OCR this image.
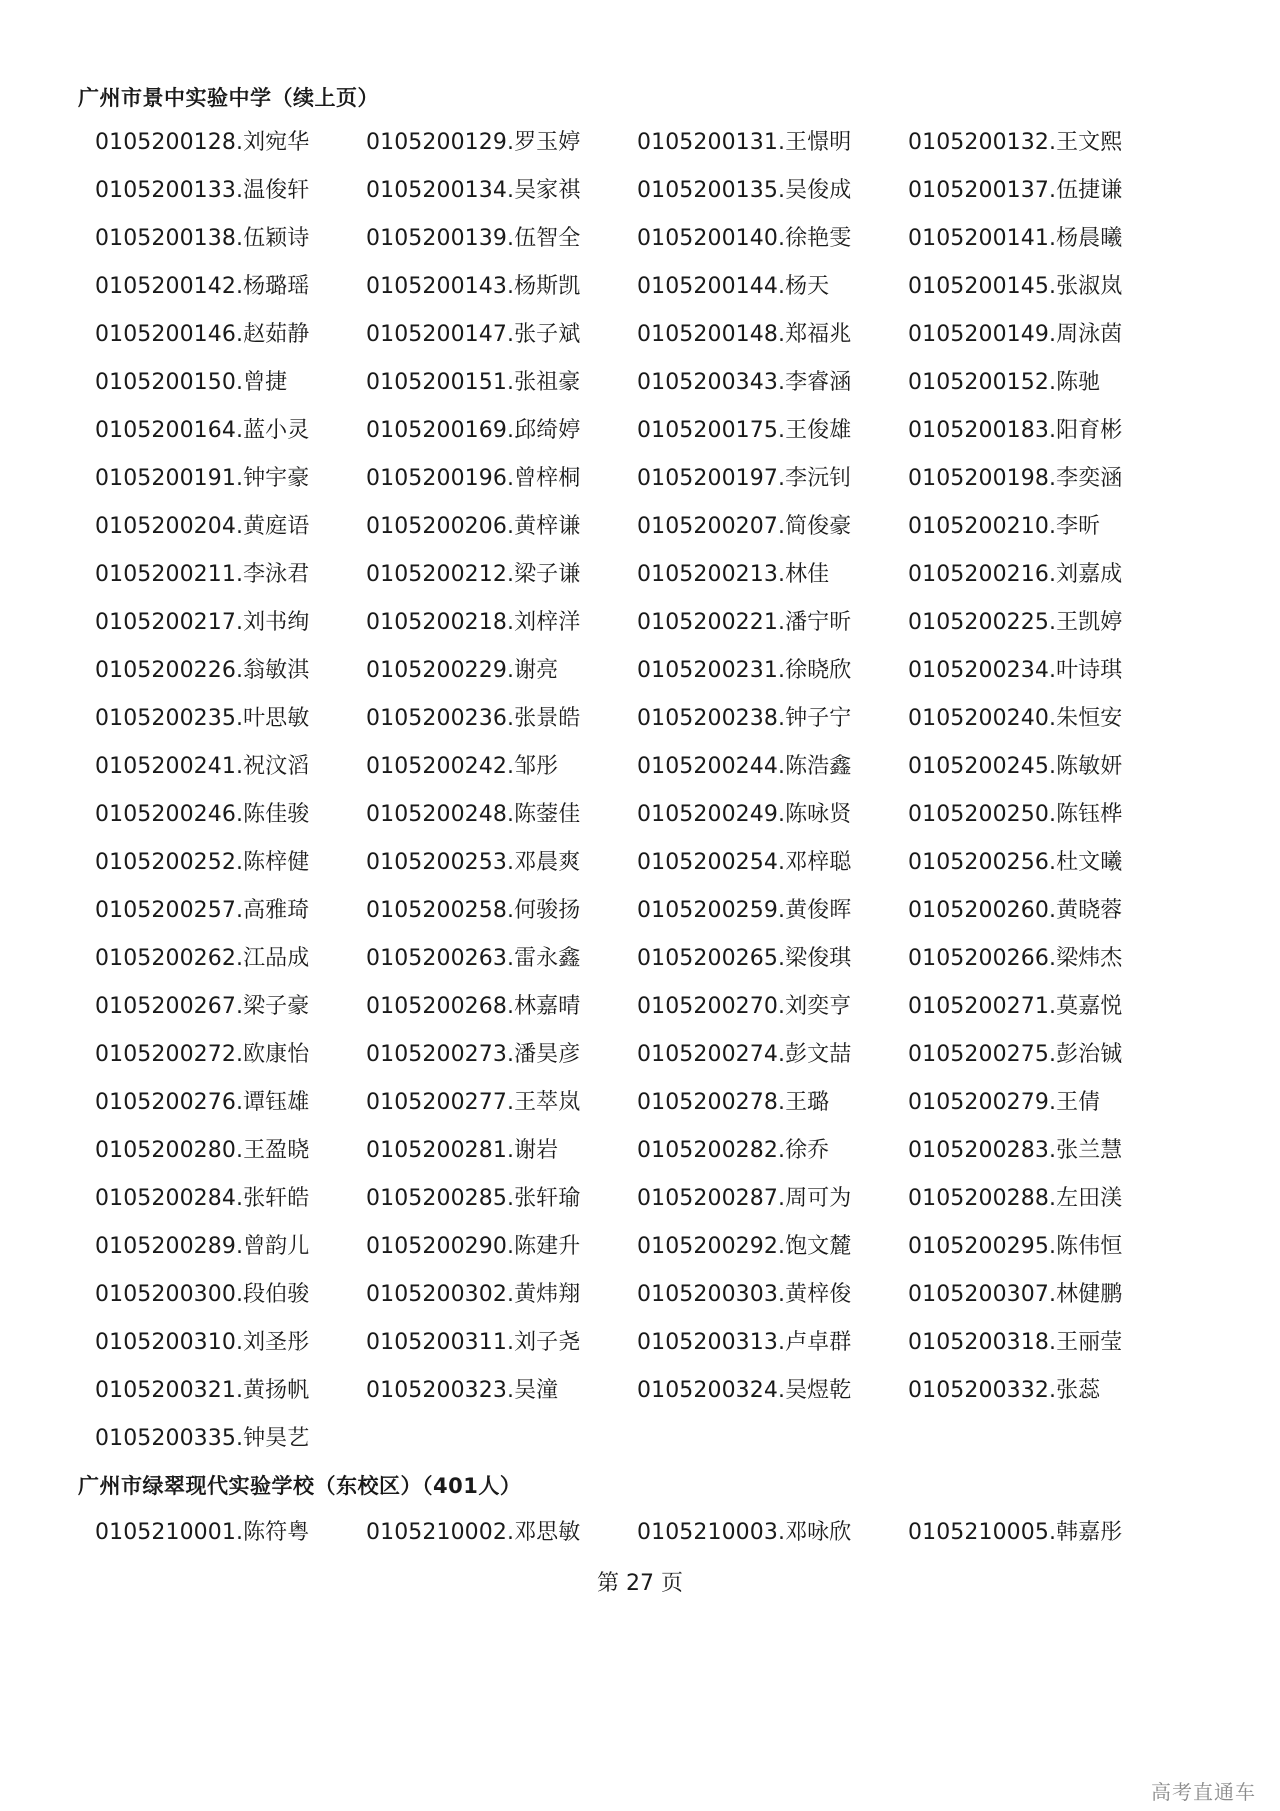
广州市景中实验中学（续上页）
0105200128.刘宛华	0105200129.罗玉婷	0105200131.王憬明	0105200132.王文熙
0105200133.温俊轩	0105200134.吴家祺	0105200135.吴俊成	0105200137.伍捷谦
0105200138.伍颖诗	0105200139.伍智全	0105200140.徐艳雯	0105200141.杨晨曦
0105200142.杨璐瑶	0105200143.杨斯凯	0105200144.杨天	0105200145.张淑岚
0105200146.赵茹静	0105200147.张子斌	0105200148.郑福兆	0105200149.周泳茵
0105200150.曾捷	0105200151.张祖豪	0105200343.李睿涵	0105200152.陈驰
0105200164.蓝小灵	0105200169.邱绮婷	0105200175.王俊雄	0105200183.阳育彬
0105200191.钟宇豪	0105200196.曾梓桐	0105200197.李沅钊	0105200198.李奕涵
0105200204.黄庭语	0105200206.黄梓谦	0105200207.简俊豪	0105200210.李昕
0105200211.李泳君	0105200212.梁子谦	0105200213.林佳	0105200216.刘嘉成
0105200217.刘书绚	0105200218.刘梓洋	0105200221.潘宁昕	0105200225.王凯婷
0105200226.翁敏淇	0105200229.谢亮	0105200231.徐晓欣	0105200234.叶诗琪
0105200235.叶思敏	0105200236.张景皓	0105200238.钟子宁	0105200240.朱恒安
0105200241.祝汶滔	0105200242.邹彤	0105200244.陈浩鑫	0105200245.陈敏妍
0105200246.陈佳骏	0105200248.陈蓥佳	0105200249.陈咏贤	0105200250.陈钰桦
0105200252.陈梓健	0105200253.邓晨爽	0105200254.邓梓聪	0105200256.杜文曦
0105200257.高雅琦	0105200258.何骏扬	0105200259.黄俊晖	0105200260.黄晓蓉
0105200262.江品成	0105200263.雷永鑫	0105200265.梁俊琪	0105200266.梁炜杰
0105200267.梁子豪	0105200268.林嘉晴	0105200270.刘奕亨	0105200271.莫嘉悦
0105200272.欧康怡	0105200273.潘昊彦	0105200274.彭文喆	0105200275.彭治铖
0105200276.谭钰雄	0105200277.王萃岚	0105200278.王璐	0105200279.王倩
0105200280.王盈晓	0105200281.谢岩	0105200282.徐乔	0105200283.张兰慧
0105200284.张轩皓	0105200285.张轩瑜	0105200287.周可为	0105200288.左田渼
0105200289.曾韵儿	0105200290.陈建升	0105200292.饱文麓	0105200295.陈伟恒
0105200300.段伯骏	0105200302.黄炜翔	0105200303.黄梓俊	0105200307.林健鹏
0105200310.刘圣彤	0105200311.刘子尧	0105200313.卢卓群	0105200318.王丽莹
0105200321.黄扬帆	0105200323.吴潼	0105200324.吴煜乾	0105200332.张蕊
0105200335.钟昊艺
广州市绿翠现代实验学校（东校区）（401人）
0105210001.陈符粤	0105210002.邓思敏	0105210003.邓咏欣	0105210005.韩嘉彤
第 27 页
高考直通车
